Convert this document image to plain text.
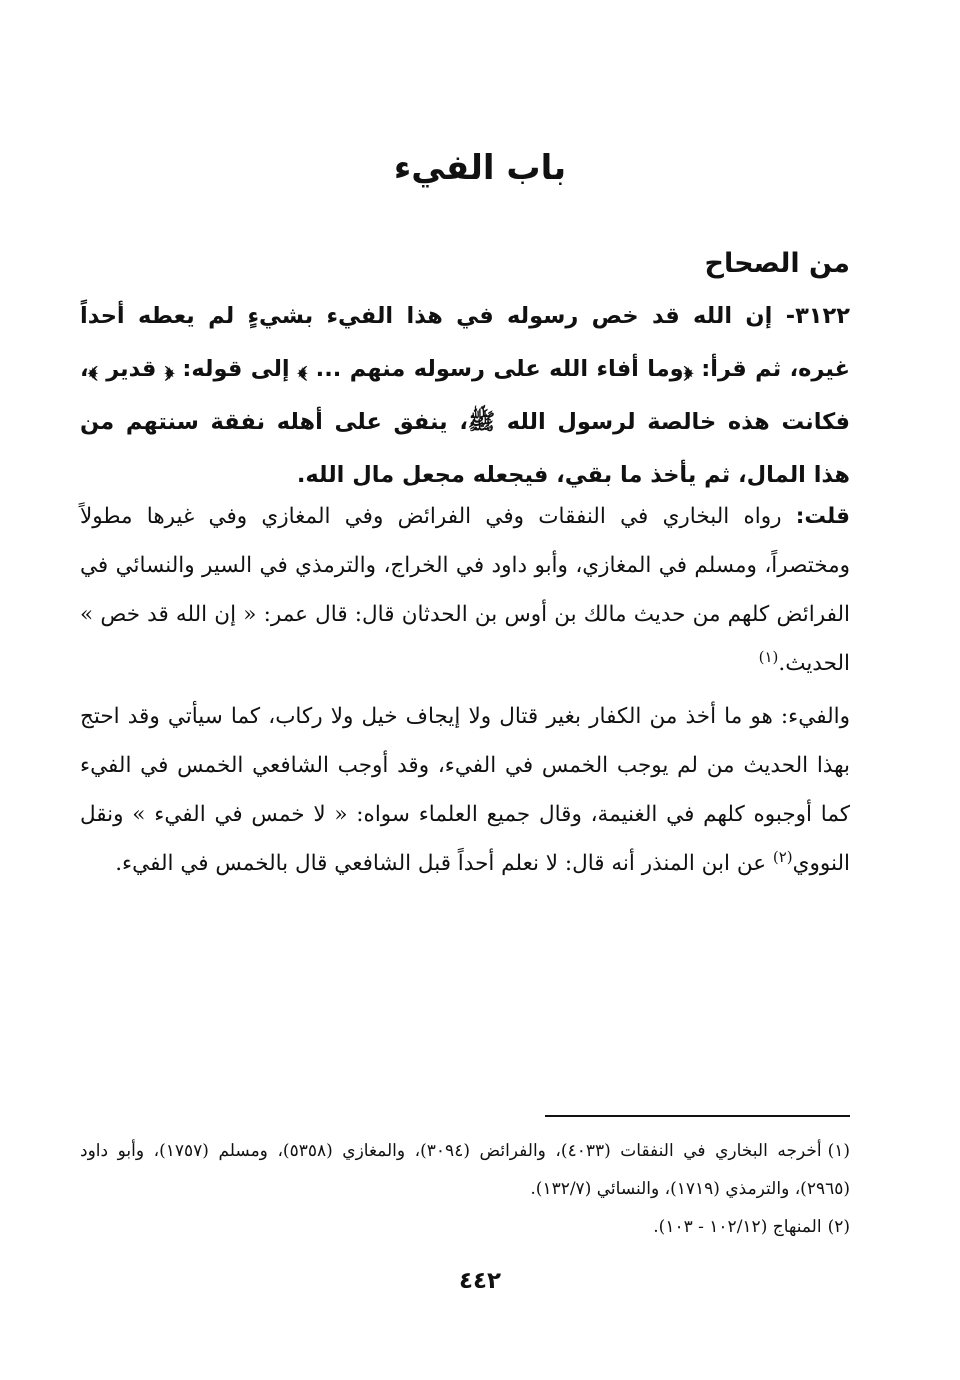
باب الفيء
من الصحاح

٣١٢٢- إن الله قد خص رسوله في هذا الفيء بشيءٍ لم يعطه أحداً غيره، ثم قرأ: ﴿وما أفاء الله على رسوله منهم ... ﴾ إلى قوله: ﴿ قدير ﴾، فكانت هذه خالصة لرسول الله ﷺ، ينفق على أهله نفقة سنتهم من هذا المال، ثم يأخذ ما بقي، فيجعله مجعل مال الله.

قلت: رواه البخاري في النفقات وفي الفرائض وفي المغازي وفي غيرها مطولاً ومختصراً، ومسلم في المغازي، وأبو داود في الخراج، والترمذي في السير والنسائي في الفرائض كلهم من حديث مالك بن أوس بن الحدثان قال: قال عمر: « إن الله قد خص » الحديث.$^{(١)}$

والفيء: هو ما أخذ من الكفار بغير قتال ولا إيجاف خيل ولا ركاب، كما سيأتي وقد احتج بهذا الحديث من لم يوجب الخمس في الفيء، وقد أوجب الشافعي الخمس في الفيء كما أوجبوه كلهم في الغنيمة، وقال جميع العلماء سواه: « لا خمس في الفيء » ونقل النووي$^{(٢)}$ عن ابن المنذر أنه قال: لا نعلم أحداً قبل الشافعي قال بالخمس في الفيء.

(١)أخرجه البخاري في النفقات (٤٠٣٣)، والفرائض (٣٠٩٤)، والمغازي (٥٣٥٨)، ومسلم (١٧٥٧)، وأبو داود (٢٩٦٥)، والترمذي (١٧١٩)، والنسائي (١٣٢/٧).

(٢)المنهاج (١٠٢/١٢ - ١٠٣).

٤٤٢
